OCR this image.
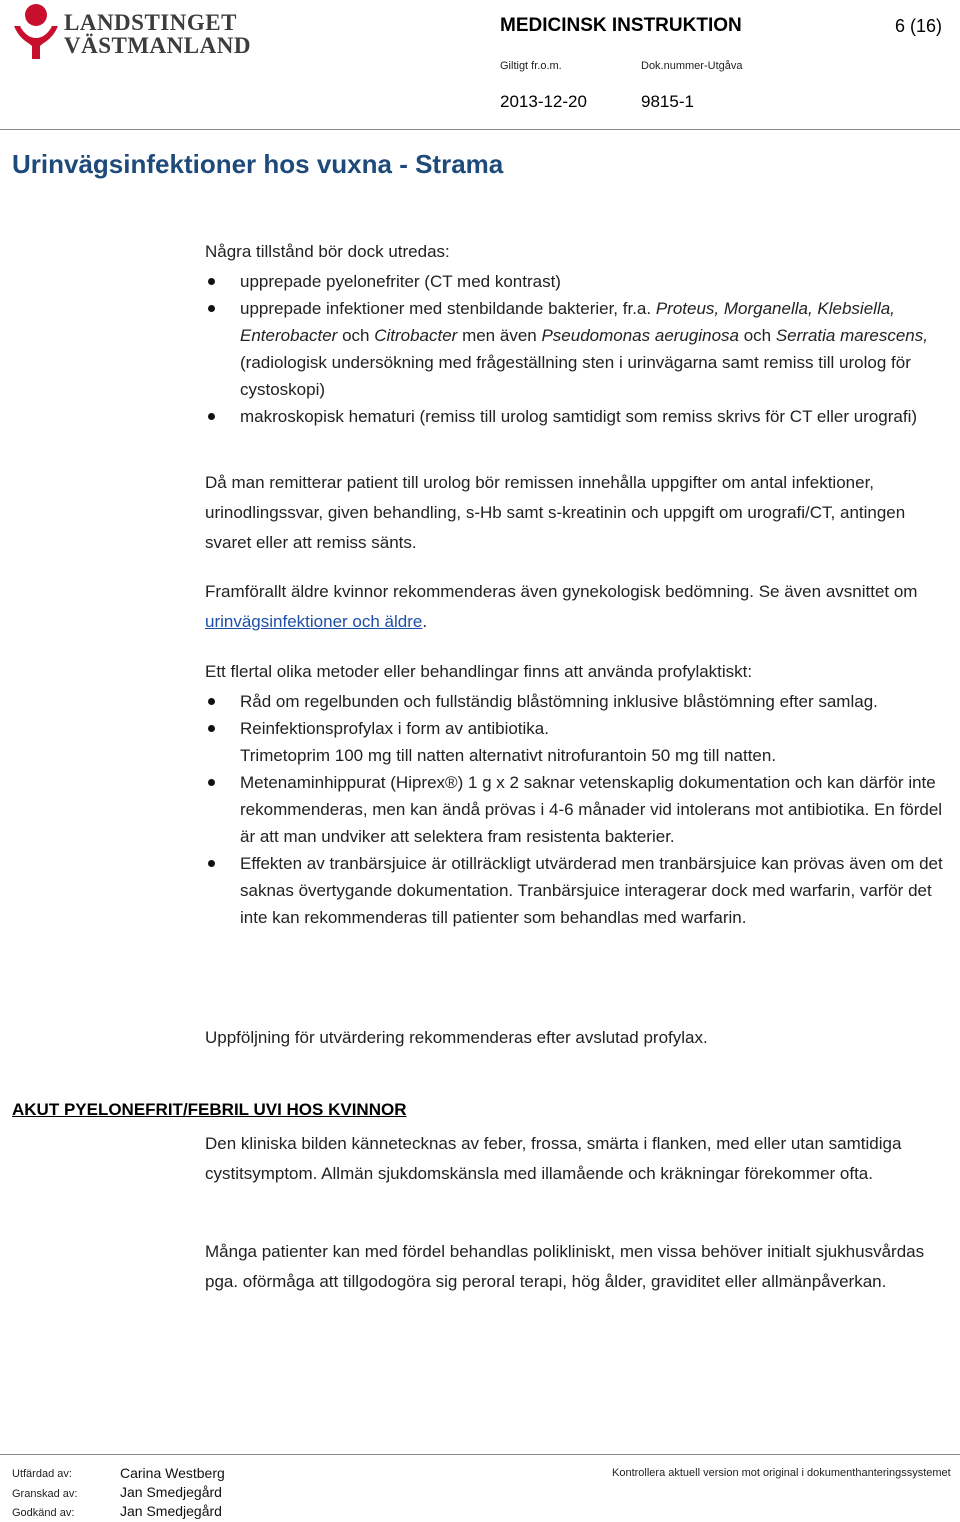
LANDSTINGET
VÄSTMANLAND
MEDICINSK INSTRUKTION	6 (16)
Giltigt fr.o.m.	Dok.nummer-Utgåva
2013-12-20	9815-1
Urinvägsinfektioner hos vuxna - Strama
Några tillstånd bör dock utredas:
upprepade pyelonefriter (CT med kontrast)
upprepade infektioner med stenbildande bakterier, fr.a. Proteus, Morganella, Klebsiella, Enterobacter och Citrobacter men även Pseudomonas aeruginosa och Serratia marescens, (radiologisk undersökning med frågeställning sten i urinvägarna samt remiss till urolog för cystoskopi)
makroskopisk hematuri (remiss till urolog samtidigt som remiss skrivs för CT eller urografi)
Då man remitterar patient till urolog bör remissen innehålla uppgifter om antal infektioner, urinodlingssvar, given behandling, s-Hb samt s-kreatinin och uppgift om urografi/CT, antingen svaret eller att remiss sänts.
Framförallt äldre kvinnor rekommenderas även gynekologisk bedömning. Se även avsnittet om urinvägsinfektioner och äldre.
Ett flertal olika metoder eller behandlingar finns att använda profylaktiskt:
Råd om regelbunden och fullständig blåstömning inklusive blåstömning efter samlag.
Reinfektionsprofylax i form av antibiotika.
Trimetoprim 100 mg till natten alternativt nitrofurantoin 50 mg till natten.
Metenaminhippurat (Hiprex®) 1 g x 2 saknar vetenskaplig dokumentation och kan därför inte rekommenderas, men kan ändå prövas i 4-6 månader vid intolerans mot antibiotika. En fördel är att man undviker att selektera fram resistenta bakterier.
Effekten av tranbärsjuice är otillräckligt utvärderad men tranbärsjuice kan prövas även om det saknas övertygande dokumentation. Tranbärsjuice interagerar dock med warfarin, varför det inte kan rekommenderas till patienter som behandlas med warfarin.
Uppföljning för utvärdering rekommenderas efter avslutad profylax.
AKUT PYELONEFRIT/FEBRIL UVI HOS KVINNOR
Den kliniska bilden kännetecknas av feber, frossa, smärta i flanken, med eller utan samtidiga cystitsymptom. Allmän sjukdomskänsla med illamående och kräkningar förekommer ofta.
Många patienter kan med fördel behandlas polikliniskt, men vissa behöver initialt sjukhusvårdas pga. oförmåga att tillgodogöra sig peroral terapi, hög ålder, graviditet eller allmänpåverkan.
Utfärdad av:	Carina Westberg
Granskad av:	Jan Smedjegård
Godkänd av:	Jan Smedjegård
Kontrollera aktuell version mot original i dokumenthanteringssystemet
